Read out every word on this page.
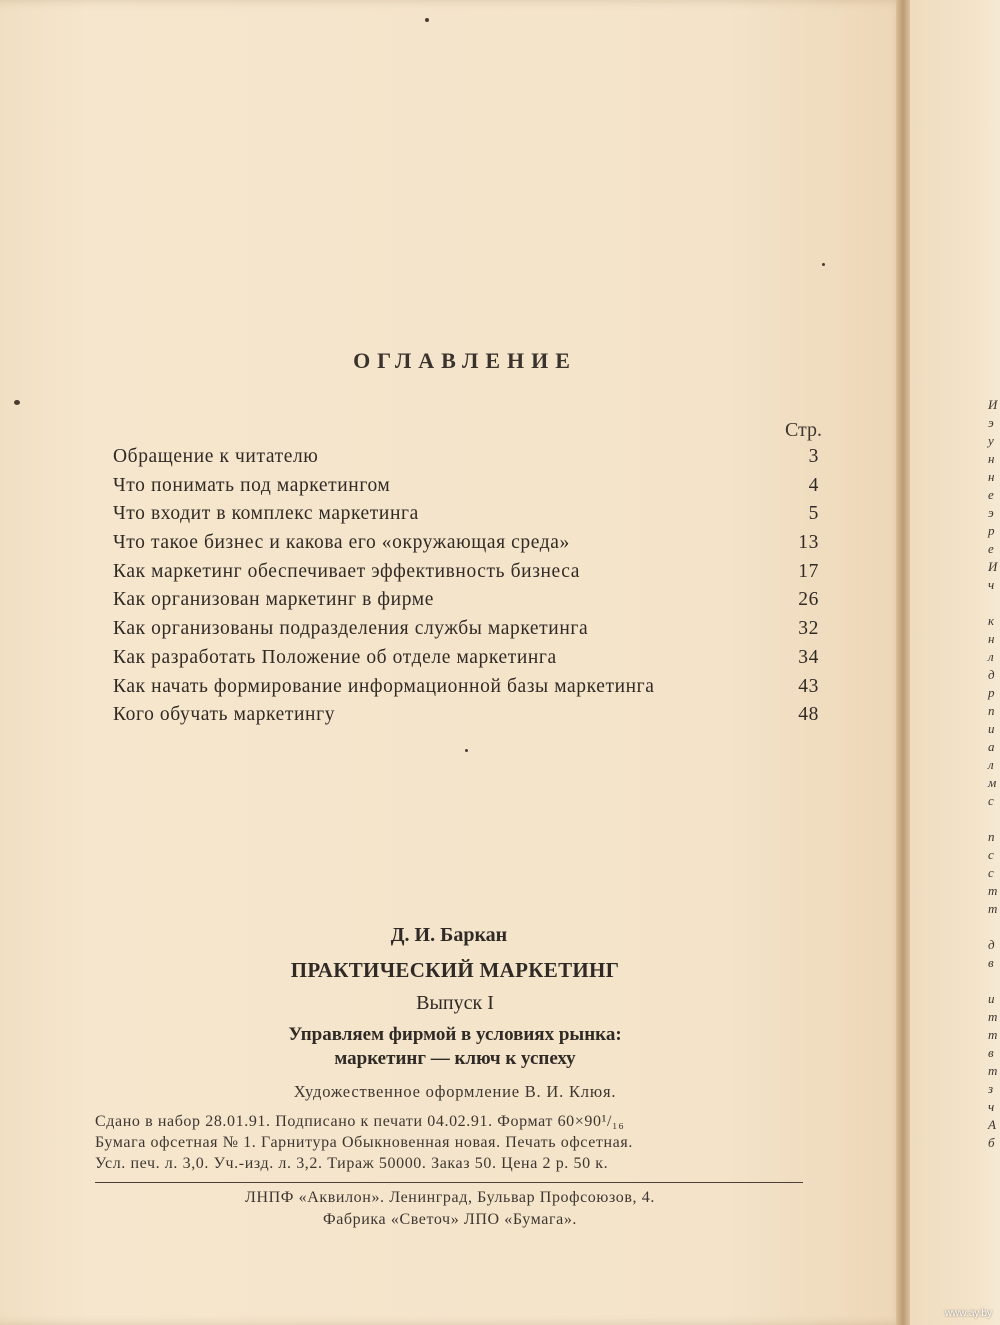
ОГЛАВЛЕНИЕ
Стр.
Обращение к читателю	3
Что понимать под маркетингом	4
Что входит в комплекс маркетинга	5
Что такое бизнес и какова его «окружающая среда»	13
Как маркетинг обеспечивает эффективность бизнеса	17
Как организован маркетинг в фирме	26
Как организованы подразделения службы маркетинга	32
Как разработать Положение об отделе маркетинга	34
Как начать формирование информационной базы маркетинга	43
Кого обучать маркетингу	48
Д. И. Баркан
ПРАКТИЧЕСКИЙ МАРКЕТИНГ
Выпуск I
Управляем фирмой в условиях рынка:
маркетинг — ключ к успеху
Художественное оформление В. И. Клюя.
Сдано в набор 28.01.91. Подписано к печати 04.02.91. Формат 60×90¹/₁₆
Бумага офсетная № 1. Гарнитура Обыкновенная новая. Печать офсетная.
Усл. печ. л. 3,0. Уч.-изд. л. 3,2. Тираж 50000. Заказ 50. Цена 2 р. 50 к.
ЛНПФ «Аквилон». Ленинград, Бульвар Профсоюзов, 4.
Фабрика «Светоч» ЛПО «Бумага».
И
э
у
н
н
е
э
р
е
И
ч
к
н
л
д
р
п
и
а
л
м
с
п
с
с
т
т
д
в
и
т
т
в
т
з
ч
А
б
www.ay.by
